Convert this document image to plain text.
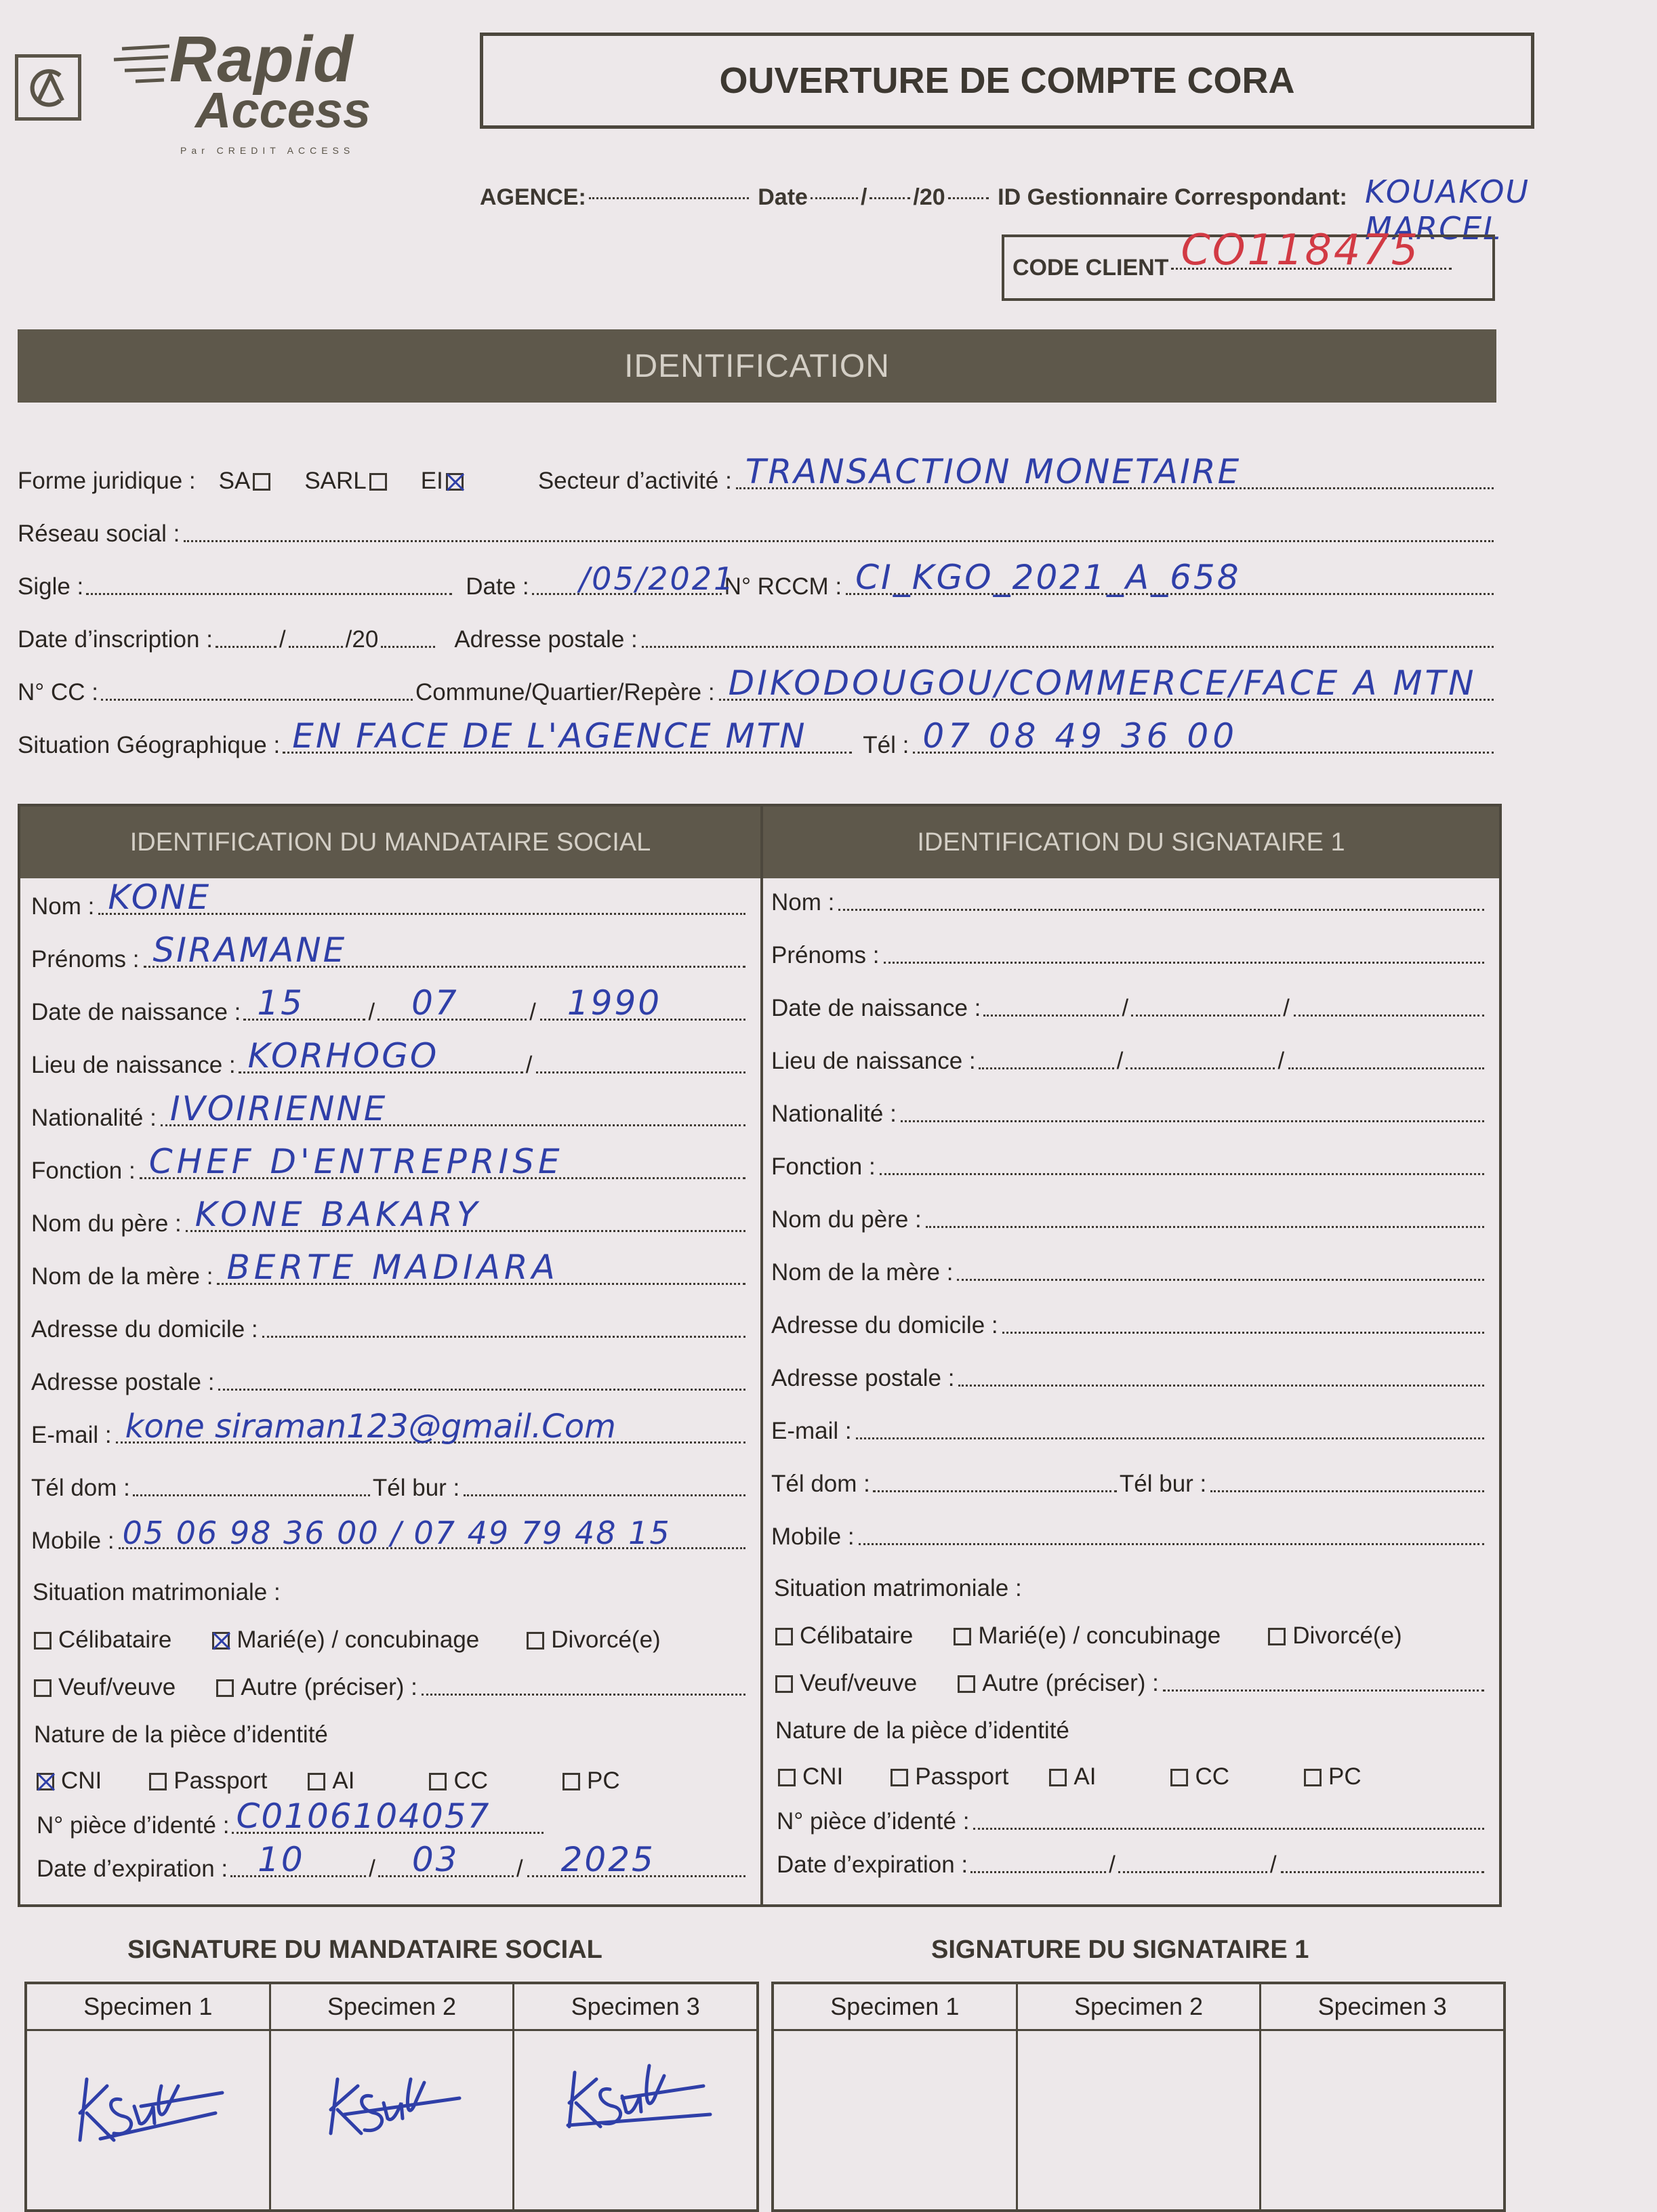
Rapid
Access
Par CREDIT ACCESS
OUVERTURE DE COMPTE CORA
AGENCE:	Date / /20 ID Gestionnaire Correspondant: KOUAKOU MARCEL
CODE CLIENT CO118475
IDENTIFICATION
Forme juridique : SA SARL EI	Secteur d’activité : TRANSACTION MONETAIRE
Réseau social :
Sigle :	Date : /05/2021
N° RCCM : CI_KGO_2021_A_658
Date d’inscription :	/	/20	Adresse postale :
N° CC :	Commune/Quartier/Repère : DIKODOUGOU/COMMERCE/FACE A MTN
Situation Géographique : EN FACE DE L'AGENCE MTN Tél : 07 08 49 36 00
IDENTIFICATION DU MANDATAIRE SOCIAL
Nom : KONE
Prénoms : SIRAMANE
Date de naissance : 15	/ 07	/ 1990
Lieu de naissance : KORHOGO	/
Nationalité : IVOIRIENNE
Fonction : CHEF D'ENTREPRISE
Nom du père : KONE BAKARY
Nom de la mère : BERTE MADIARA
Adresse du domicile :
Adresse postale :
E-mail : kone siraman123@gmail.Com
Tél dom :	Tél bur :
Mobile : 05 06 98 36 00 / 07 49 79 48 15
Situation matrimoniale :
Célibataire	Marié(e) / concubinage	Divorcé(e)
Veuf/veuve	Autre (préciser) :
Nature de la pièce d’identité
CNI	Passport	AI	CC	PC
N° pièce d’identé : C0106104057
Date d’expiration : 10	/ 03 / 2025
IDENTIFICATION DU SIGNATAIRE 1
Nom :
Prénoms :
Date de naissance :	/	/
Lieu de naissance :	/	/
Nationalité :
Fonction :
Nom du père :
Nom de la mère :
Adresse du domicile :
Adresse postale :
E-mail :
Tél dom :	Tél bur :
Mobile :
Situation matrimoniale :
Célibataire	Marié(e) / concubinage	Divorcé(e)
Veuf/veuve	Autre (préciser) :
Nature de la pièce d’identité
CNI	Passport	AI	CC	PC
N° pièce d’identé :
Date d’expiration :	/	/
SIGNATURE DU MANDATAIRE SOCIAL	SIGNATURE DU SIGNATAIRE 1
Specimen 1	Specimen 2	Specimen 3	Specimen 1	Specimen 2	Specimen 3
